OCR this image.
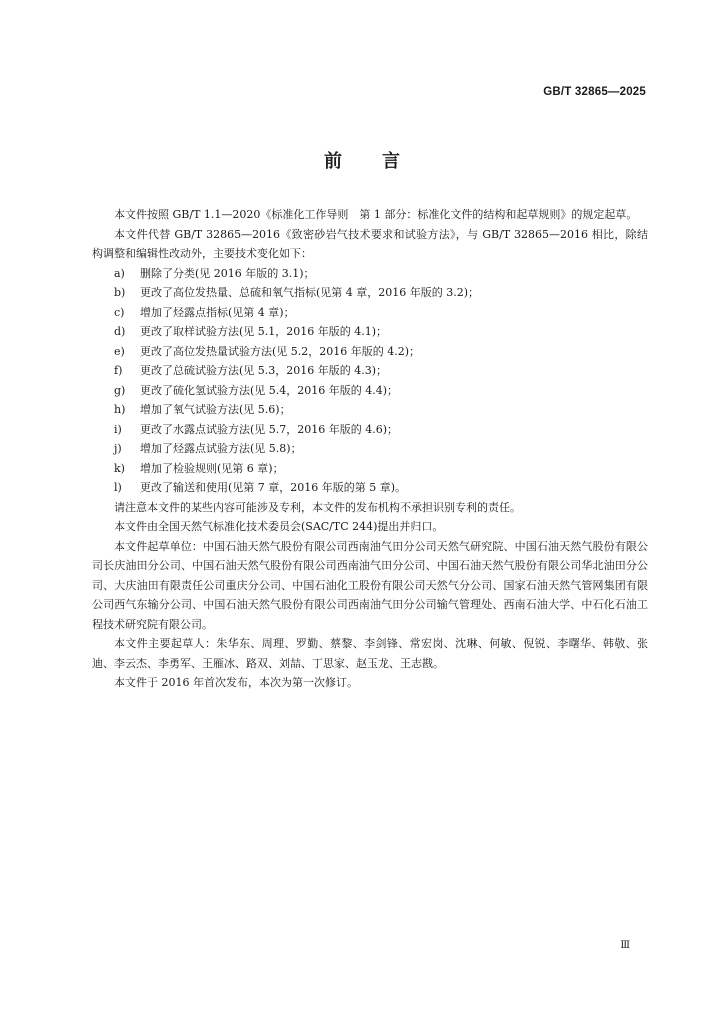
GB/T 32865—2025
前言

本文件按照 GB/T 1.1—2020《标准化工作导则　第 1 部分：标准化文件的结构和起草规则》的规定起草。

本文件代替 GB/T 32865—2016《致密砂岩气技术要求和试验方法》，与 GB/T 32865—2016 相比，除结构调整和编辑性改动外，主要技术变化如下：

a)	删除了分类(见 2016 年版的 3.1)；
b)	更改了高位发热量、总硫和氧气指标(见第 4 章，2016 年版的 3.2)；
c)	增加了烃露点指标(见第 4 章)；
d)	更改了取样试验方法(见 5.1，2016 年版的 4.1)；
e)	更改了高位发热量试验方法(见 5.2，2016 年版的 4.2)；
f)	更改了总硫试验方法(见 5.3，2016 年版的 4.3)；
g)	更改了硫化氢试验方法(见 5.4，2016 年版的 4.4)；
h)	增加了氧气试验方法(见 5.6)；
i)	更改了水露点试验方法(见 5.7，2016 年版的 4.6)；
j)	增加了烃露点试验方法(见 5.8)；
k)	增加了检验规则(见第 6 章)；
l)	更改了输送和使用(见第 7 章，2016 年版的第 5 章)。

请注意本文件的某些内容可能涉及专利，本文件的发布机构不承担识别专利的责任。

本文件由全国天然气标准化技术委员会(SAC/TC 244)提出并归口。

本文件起草单位：中国石油天然气股份有限公司西南油气田分公司天然气研究院、中国石油天然气股份有限公司长庆油田分公司、中国石油天然气股份有限公司西南油气田分公司、中国石油天然气股份有限公司华北油田分公司、大庆油田有限责任公司重庆分公司、中国石油化工股份有限公司天然气分公司、国家石油天然气管网集团有限公司西气东输分公司、中国石油天然气股份有限公司西南油气田分公司输气管理处、西南石油大学、中石化石油工程技术研究院有限公司。

本文件主要起草人：朱华东、周理、罗勤、蔡黎、李剑锋、常宏岗、沈琳、何敏、倪锐、李曙华、韩敬、张迪、李云杰、李勇军、王雁冰、路双、刘喆、丁思家、赵玉龙、王志戡。

本文件于 2016 年首次发布，本次为第一次修订。

Ⅲ
